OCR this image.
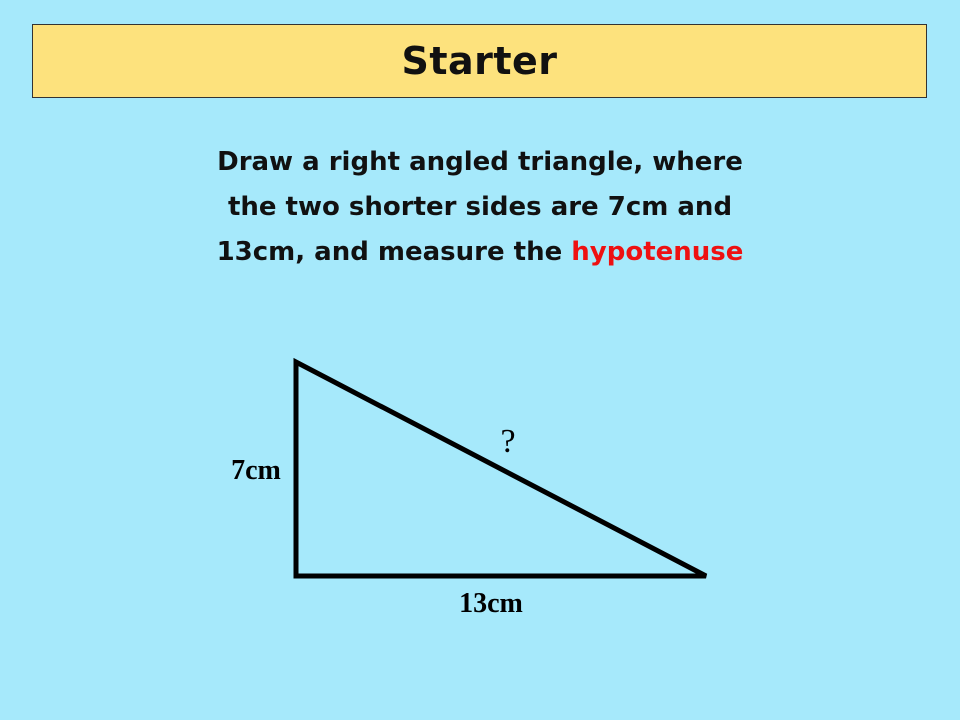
Starter
Draw a right angled triangle, where
the two shorter sides are 7cm and
13cm, and measure the hypotenuse
7cm
13cm
?
